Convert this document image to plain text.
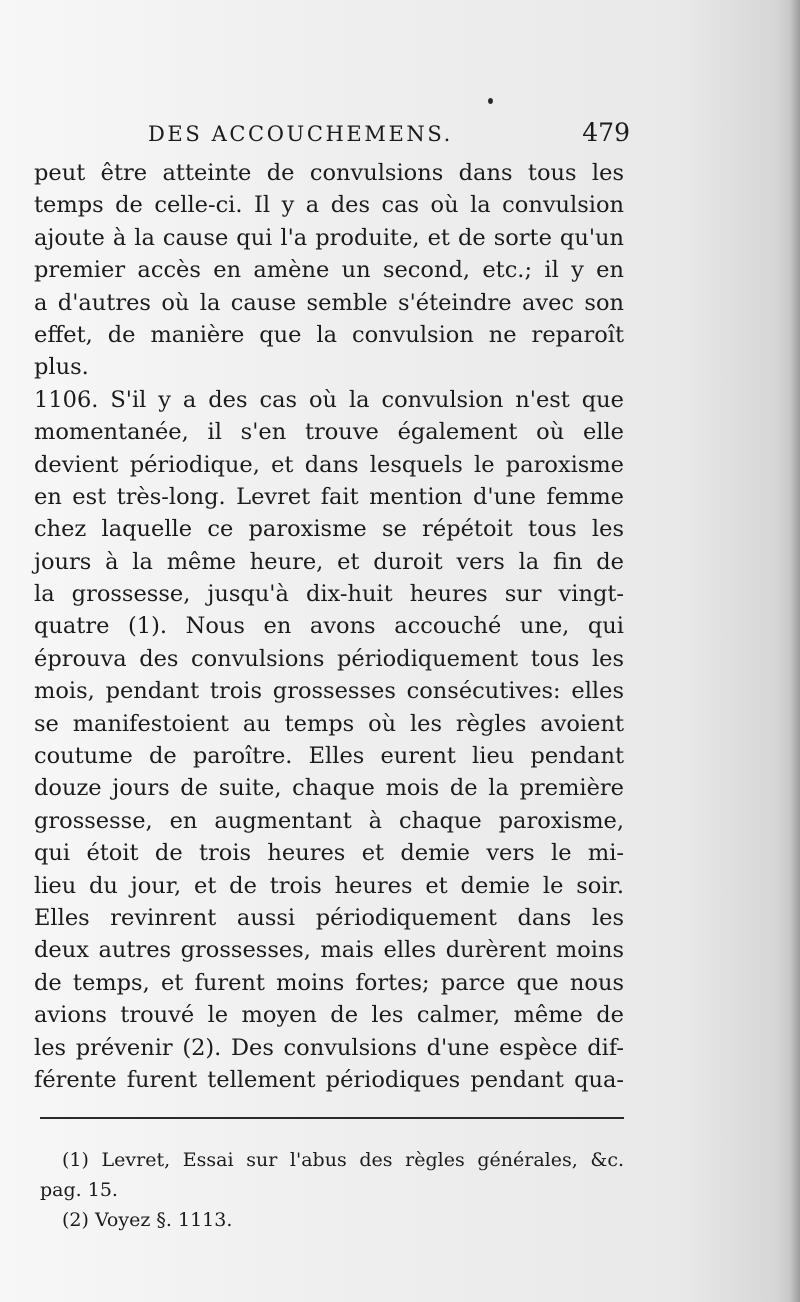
DES ACCOUCHEMENS.	479
peut être atteinte de convulsions dans tous les
temps de celle-ci. Il y a des cas où la convulsion
ajoute à la cause qui l'a produite, et de sorte qu'un
premier accès en amène un second, etc.; il y en
a d'autres où la cause semble s'éteindre avec son
effet, de manière que la convulsion ne reparoît
plus.
1106. S'il y a des cas où la convulsion n'est que
momentanée, il s'en trouve également où elle
devient périodique, et dans lesquels le paroxisme
en est très-long. Levret fait mention d'une femme
chez laquelle ce paroxisme se répétoit tous les
jours à la même heure, et duroit vers la fin de
la grossesse, jusqu'à dix-huit heures sur vingt-
quatre (1). Nous en avons accouché une, qui
éprouva des convulsions périodiquement tous les
mois, pendant trois grossesses consécutives: elles
se manifestoient au temps où les règles avoient
coutume de paroître. Elles eurent lieu pendant
douze jours de suite, chaque mois de la première
grossesse, en augmentant à chaque paroxisme,
qui étoit de trois heures et demie vers le mi-
lieu du jour, et de trois heures et demie le soir.
Elles revinrent aussi périodiquement dans les
deux autres grossesses, mais elles durèrent moins
de temps, et furent moins fortes; parce que nous
avions trouvé le moyen de les calmer, même de
les prévenir (2). Des convulsions d'une espèce dif-
férente furent tellement périodiques pendant qua-
(1) Levret, Essai sur l'abus des règles générales, &c.
pag. 15.
(2) Voyez §. 1113.
